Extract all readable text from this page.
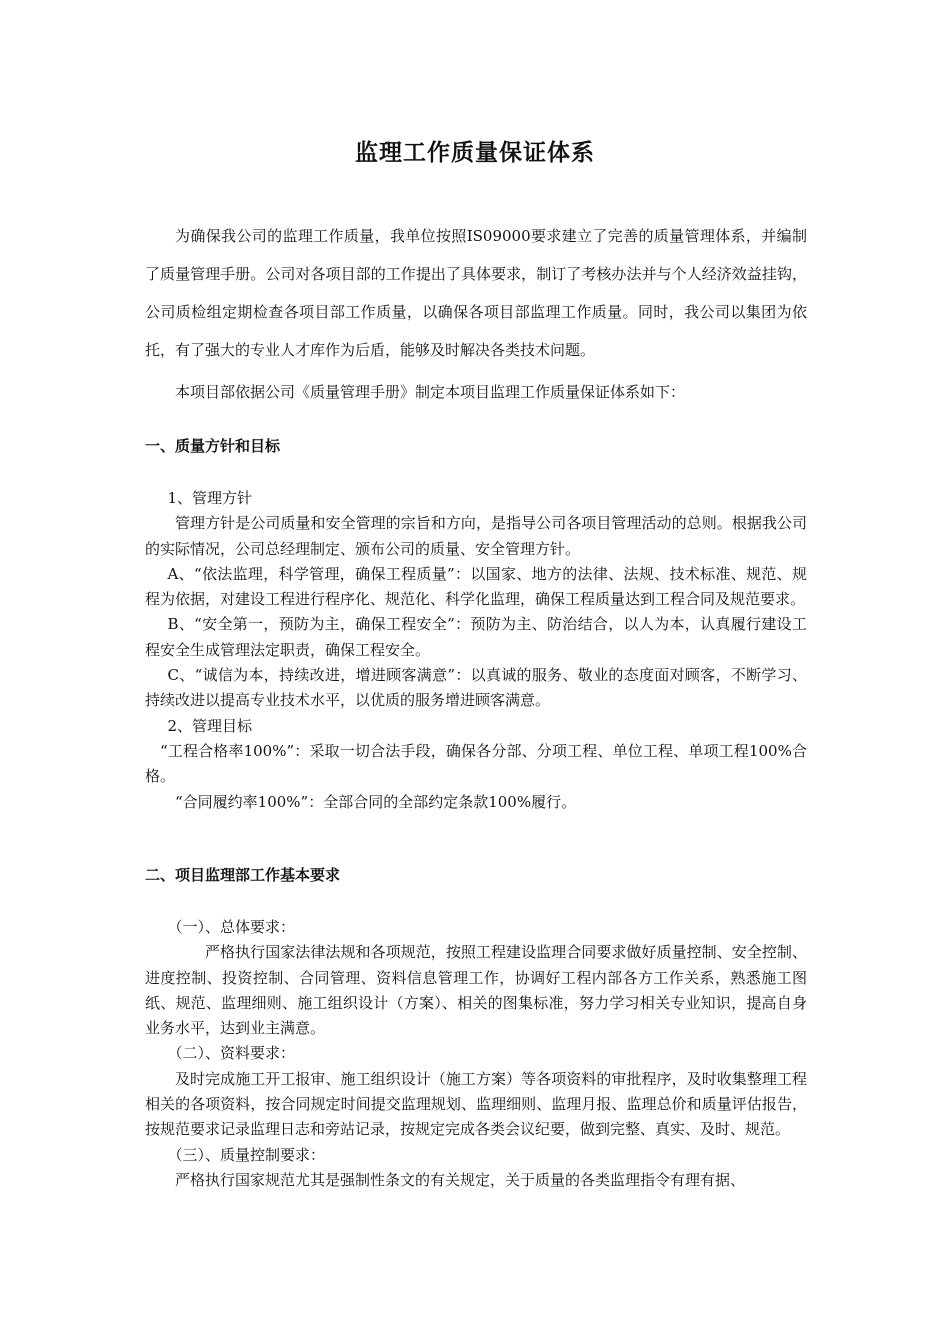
监理工作质量保证体系

为确保我公司的监理工作质量，我单位按照IS09000要求建立了完善的质量管理体系，并编制了质量管理手册。公司对各项目部的工作提出了具体要求，制订了考核办法并与个人经济效益挂钩，公司质检组定期检查各项目部工作质量，以确保各项目部监理工作质量。同时，我公司以集团为依托，有了强大的专业人才库作为后盾，能够及时解决各类技术问题。

本项目部依据公司《质量管理手册》制定本项目监理工作质量保证体系如下：

一、质量方针和目标

1、管理方针

管理方针是公司质量和安全管理的宗旨和方向，是指导公司各项目管理活动的总则。根据我公司的实际情况，公司总经理制定、颁布公司的质量、安全管理方针。

A、“依法监理，科学管理，确保工程质量”：以国家、地方的法律、法规、技术标准、规范、规程为依据，对建设工程进行程序化、规范化、科学化监理，确保工程质量达到工程合同及规范要求。

B、“安全第一，预防为主，确保工程安全”：预防为主、防治结合，以人为本，认真履行建设工程安全生成管理法定职责，确保工程安全。

C、“诚信为本，持续改进，增进顾客满意”：以真诚的服务、敬业的态度面对顾客，不断学习、持续改进以提高专业技术水平，以优质的服务增进顾客满意。

2、管理目标

“工程合格率100%”：采取一切合法手段，确保各分部、分项工程、单位工程、单项工程100%合格。

“合同履约率100%”：全部合同的全部约定条款100%履行。

二、项目监理部工作基本要求

（一）、总体要求：

严格执行国家法律法规和各项规范，按照工程建设监理合同要求做好质量控制、安全控制、进度控制、投资控制、合同管理、资料信息管理工作，协调好工程内部各方工作关系，熟悉施工图纸、规范、监理细则、施工组织设计（方案）、相关的图集标准，努力学习相关专业知识，提高自身业务水平，达到业主满意。

（二）、资料要求：

及时完成施工开工报审、施工组织设计（施工方案）等各项资料的审批程序，及时收集整理工程相关的各项资料，按合同规定时间提交监理规划、监理细则、监理月报、监理总价和质量评估报告，按规范要求记录监理日志和旁站记录，按规定完成各类会议纪要，做到完整、真实、及时、规范。

（三）、质量控制要求：

严格执行国家规范尤其是强制性条文的有关规定，关于质量的各类监理指令有理有据、
